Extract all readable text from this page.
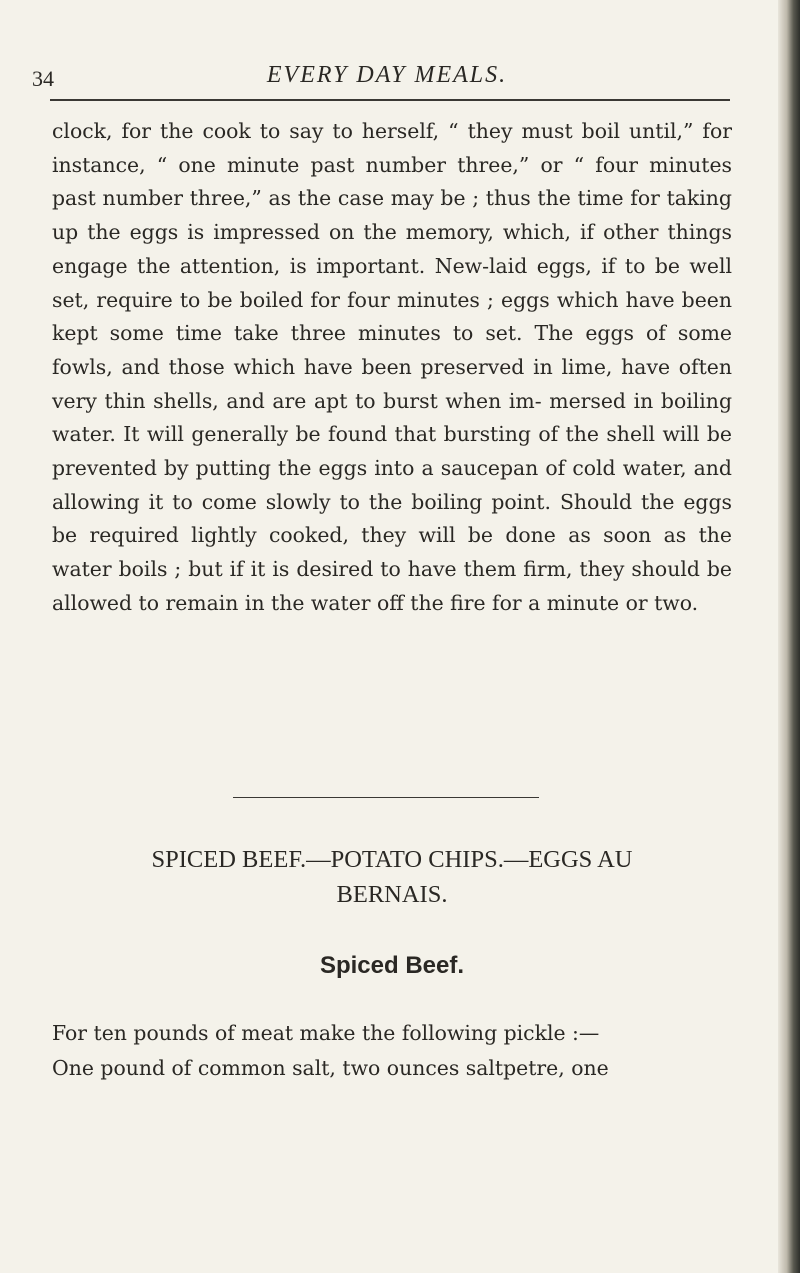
34	EVERY DAY MEALS.

clock, for the cook to say to herself, “ they must boil until,” for instance, “ one minute past number three,” or “ four minutes past number three,” as the case may be ; thus the time for taking up the eggs is impressed on the memory, which, if other things engage the attention, is important. New-laid eggs, if to be well set, require to be boiled for four minutes ; eggs which have been kept some time take three minutes to set. The eggs of some fowls, and those which have been preserved in lime, have often very thin shells, and are apt to burst when im- mersed in boiling water. It will generally be found that bursting of the shell will be prevented by putting the eggs into a saucepan of cold water, and allowing it to come slowly to the boiling point. Should the eggs be required lightly cooked, they will be done as soon as the water boils ; but if it is desired to have them firm, they should be allowed to remain in the water off the fire for a minute or two.

SPICED BEEF.—POTATO CHIPS.—EGGS AU
BERNAIS.
Spiced Beef.

For ten pounds of meat make the following pickle :—
One pound of common salt, two ounces saltpetre, one
